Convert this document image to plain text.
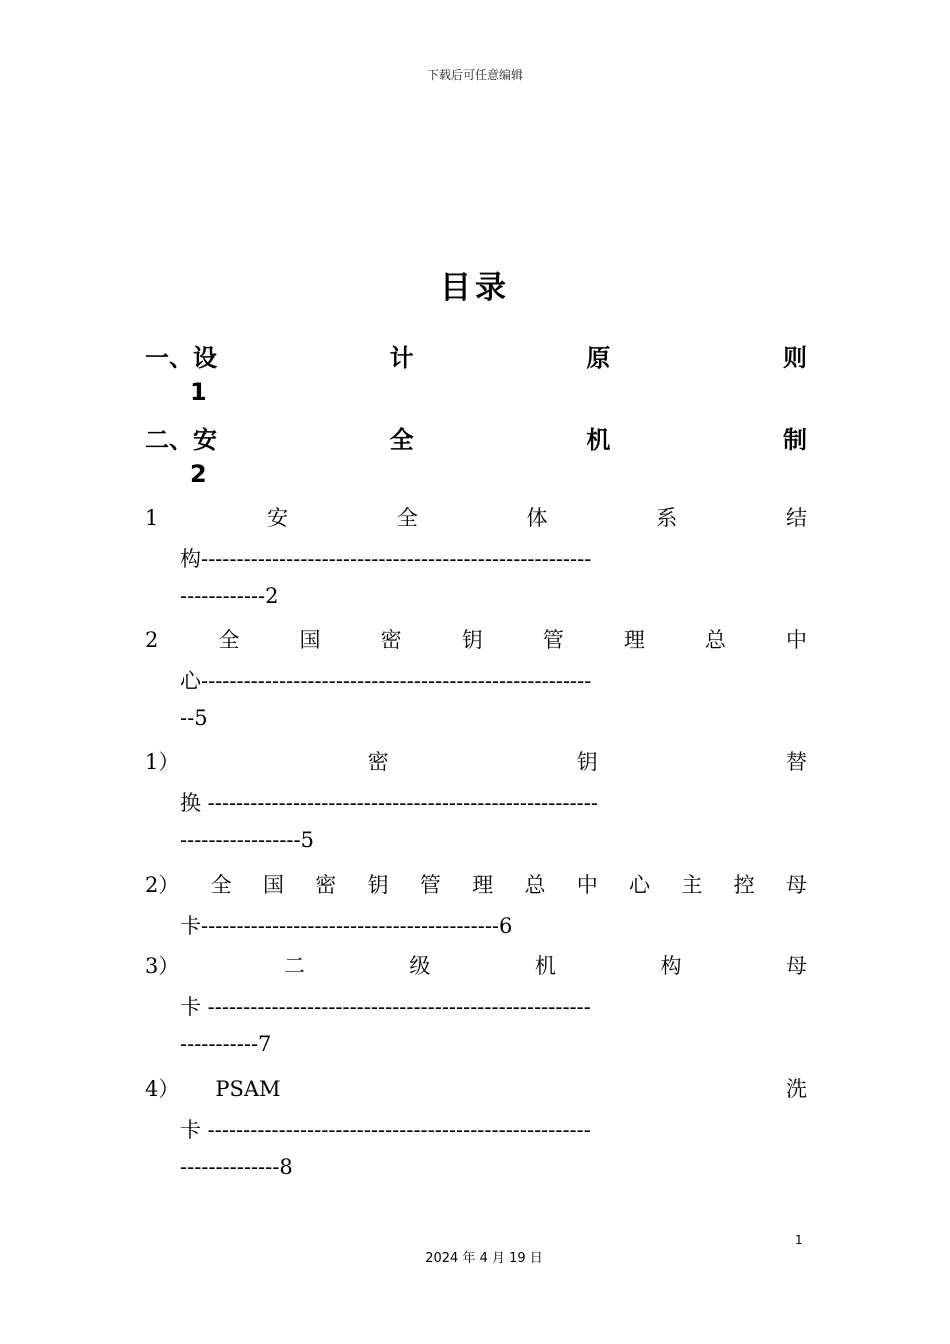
下载后可任意编辑
目录
一、设	计	原	则
1
二、安	全	机	制
2
1	安	全	体	系	结
构-------------------------------------------------------
------------2
2	全	国	密	钥	管	理	总	中
心-------------------------------------------------------
--5
1）	密	钥	替
换 -------------------------------------------------------
-----------------5
2） 全 国 密 钥 管 理 总 中 心 主 控 母
卡------------------------------------------6
3）	二	级	机	构	母
卡 ------------------------------------------------------
-----------7
4） PSAM	洗
卡 ------------------------------------------------------
--------------8
1
2024 年 4 月 19 日
